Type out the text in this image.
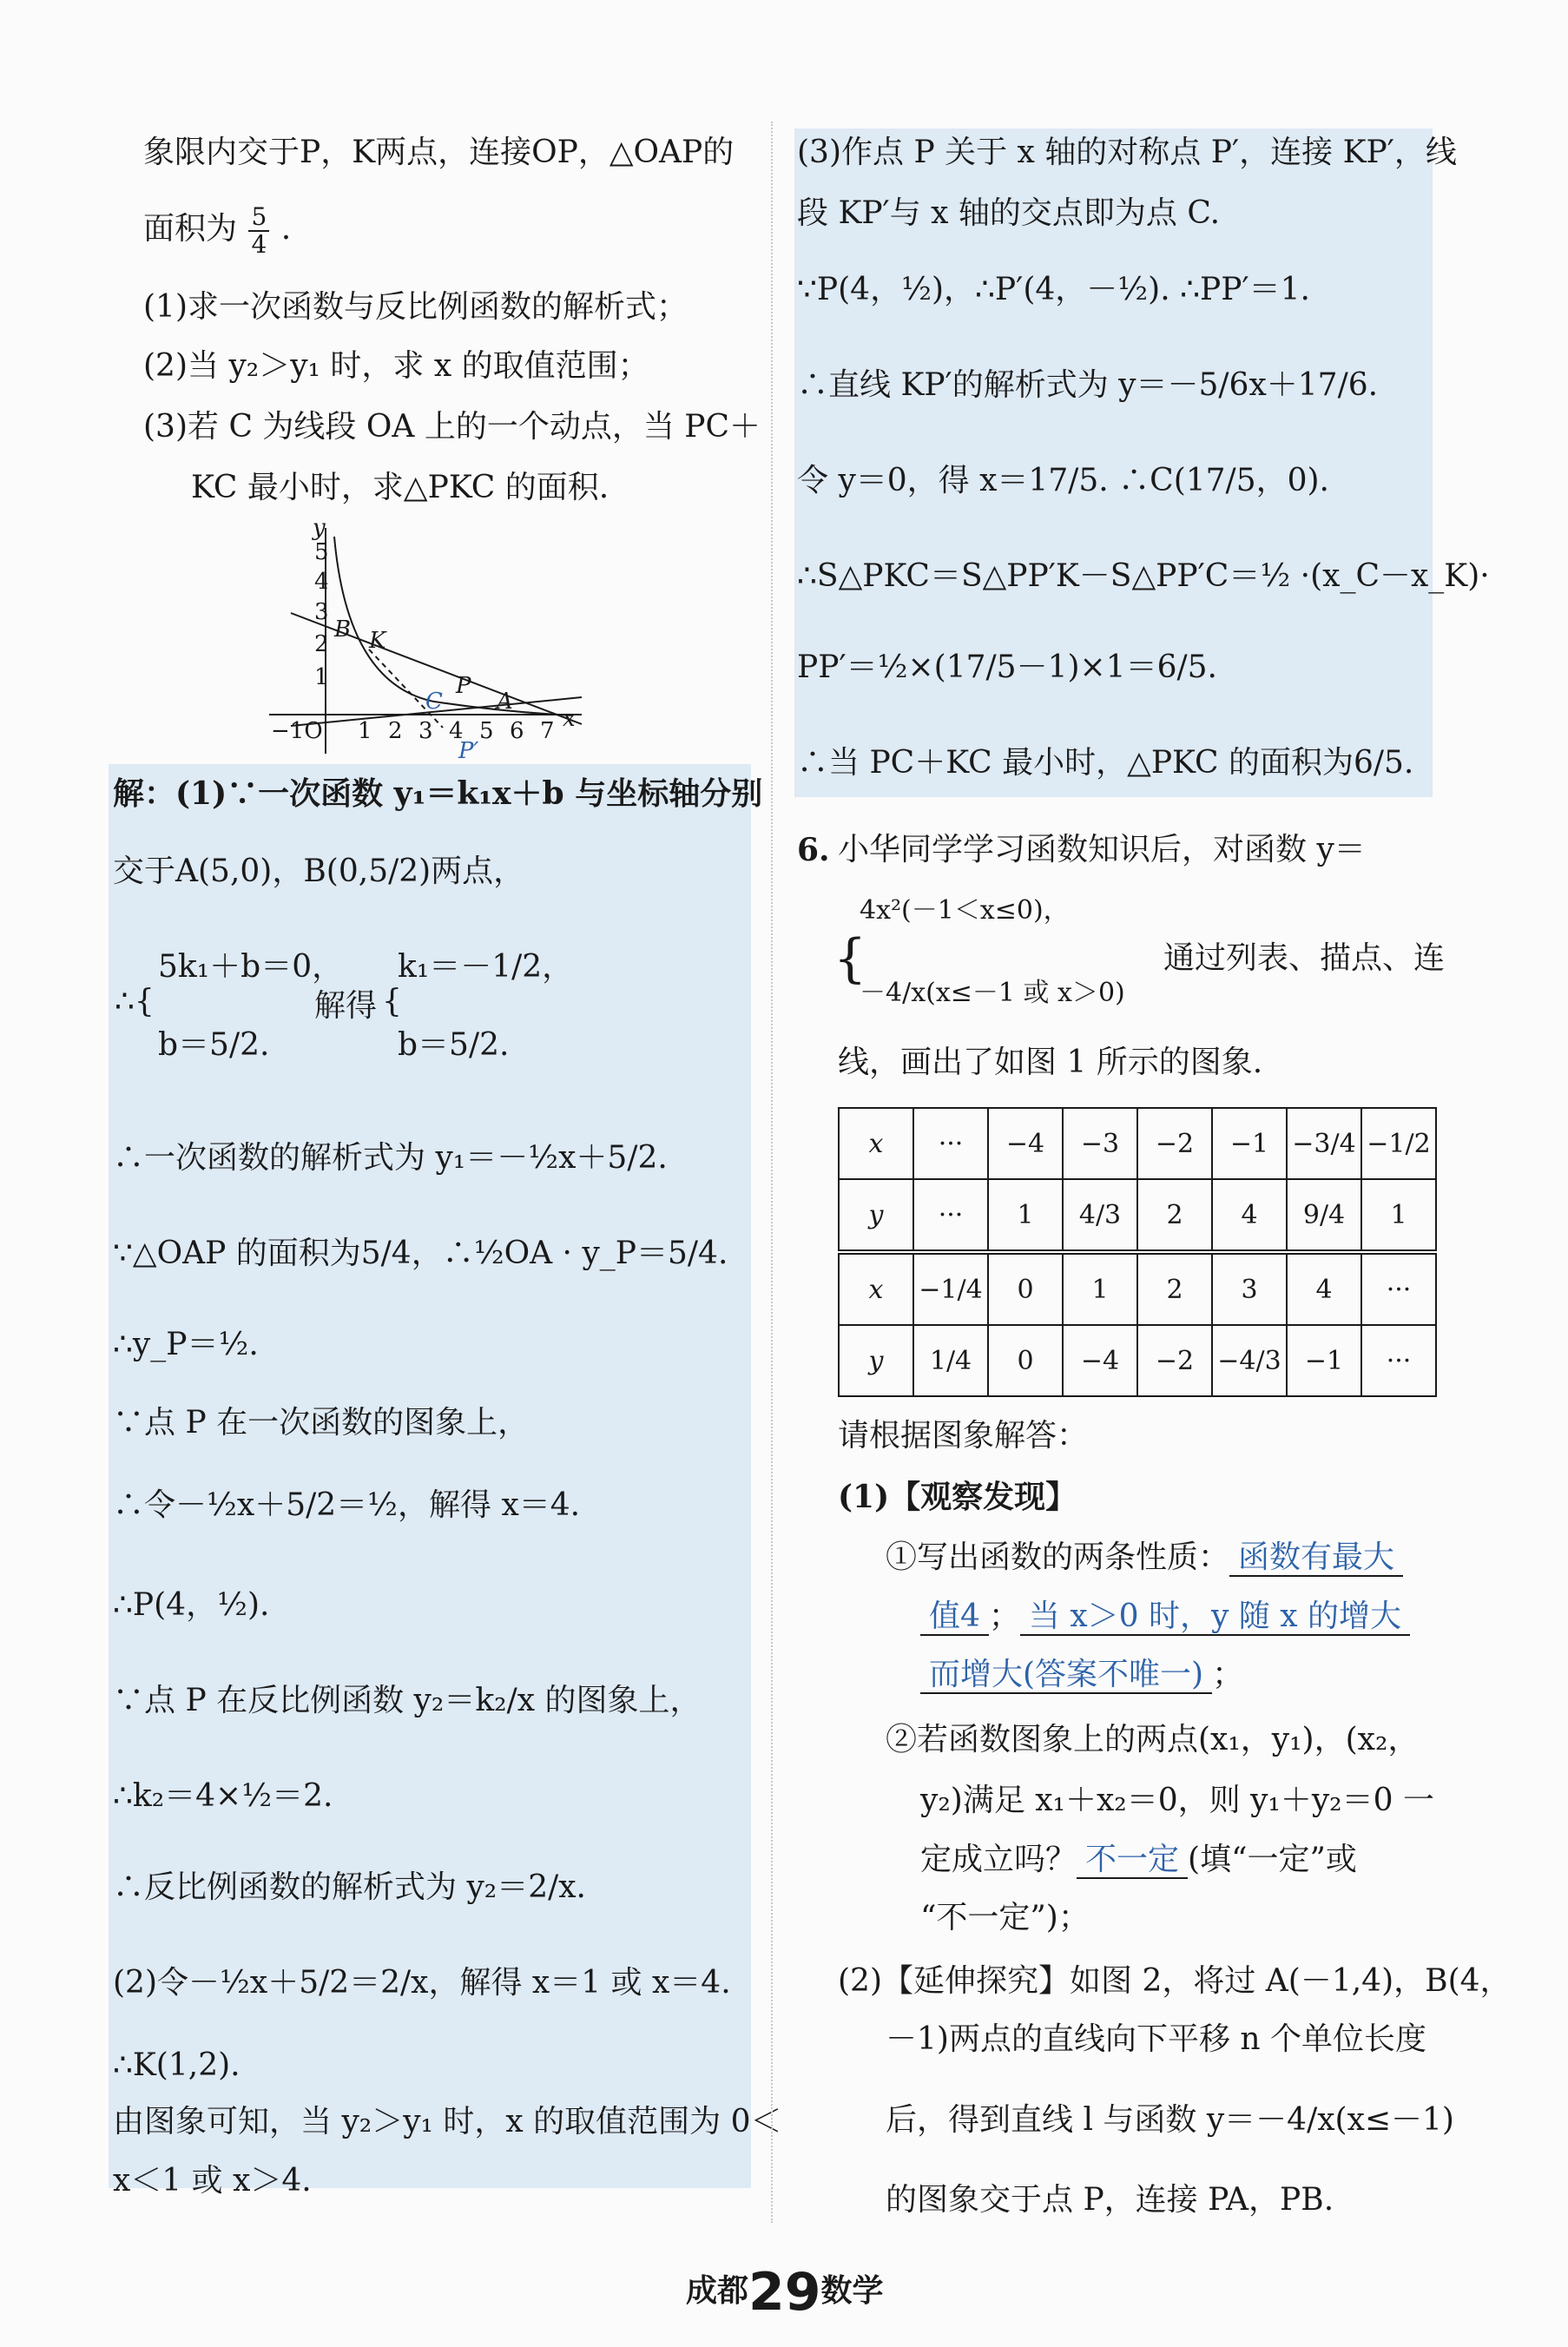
象限内交于P，K两点，连接OP，△OAP的
面积为 $\frac{5}{4}$ .
(1)求一次函数与反比例函数的解析式；
(2)当 y₂＞y₁ 时，求 x 的取值范围；
(3)若 C 为线段 OA 上的一个动点，当 PC＋
KC 最小时，求△PKC 的面积.
y
5
4
3
2
1
−1O 1 2 3 4 5 6 7 x
B K
P
A
C
P′
解：(1)∵一次函数 y₁＝k₁x＋b 与坐标轴分别
交于A(5,0)，B(0,5/2)两点，
5k₁＋b＝0，
b＝5/2.
∴{	解得 {
k₁＝－1/2，
b＝5/2.
∴一次函数的解析式为 y₁＝－½x＋5/2.
∵△OAP 的面积为5/4，∴½OA · y_P＝5/4.
∴y_P＝½.
∵点 P 在一次函数的图象上，
∴令－½x＋5/2＝½，解得 x＝4.
∴P(4，½).
∵点 P 在反比例函数 y₂＝k₂/x 的图象上，
∴k₂＝4×½＝2.
∴反比例函数的解析式为 y₂＝2/x.
(2)令－½x＋5/2＝2/x，解得 x＝1 或 x＝4.
∴K(1,2).
由图象可知，当 y₂＞y₁ 时，x 的取值范围为 0＜
x＜1 或 x＞4.
(3)作点 P 关于 x 轴的对称点 P′，连接 KP′，线
段 KP′与 x 轴的交点即为点 C.
∵P(4，½)，∴P′(4，－½). ∴PP′＝1.
∴直线 KP′的解析式为 y＝－5/6x＋17/6.
令 y＝0，得 x＝17/5. ∴C(17/5，0).
∴S△PKC＝S△PP′K－S△PP′C＝½ ·(x_C－x_K)·
PP′＝½×(17/5－1)×1＝6/5.
∴当 PC＋KC 最小时，△PKC 的面积为6/5.
6. 小华同学学习函数知识后，对函数 y＝
{
4x²(－1＜x≤0)，
－4/x(x≤－1 或 x＞0)
通过列表、描点、连
线，画出了如图 1 所示的图象.
x	···	−4	−3	−2	−1	−3/4	−1/2
y	···	1	4/3	2	4	9/4	1
x	−1/4	0	1	2	3	4	···
y	1/4	0	−4	−2	−4/3	−1	···
请根据图象解答：
(1)【观察发现】
①写出函数的两条性质： 函数有最大
值4 ； 当 x＞0 时，y 随 x 的增大
而增大(答案不唯一) ；
②若函数图象上的两点(x₁，y₁)，(x₂，
y₂)满足 x₁＋x₂＝0，则 y₁＋y₂＝0 一
定成立吗？ 不一定 (填“一定”或
“不一定”)；
(2)【延伸探究】如图 2，将过 A(－1,4)，B(4，
－1)两点的直线向下平移 n 个单位长度
后，得到直线 l 与函数 y＝－4/x(x≤－1)
的图象交于点 P，连接 PA，PB.
成都29数学
